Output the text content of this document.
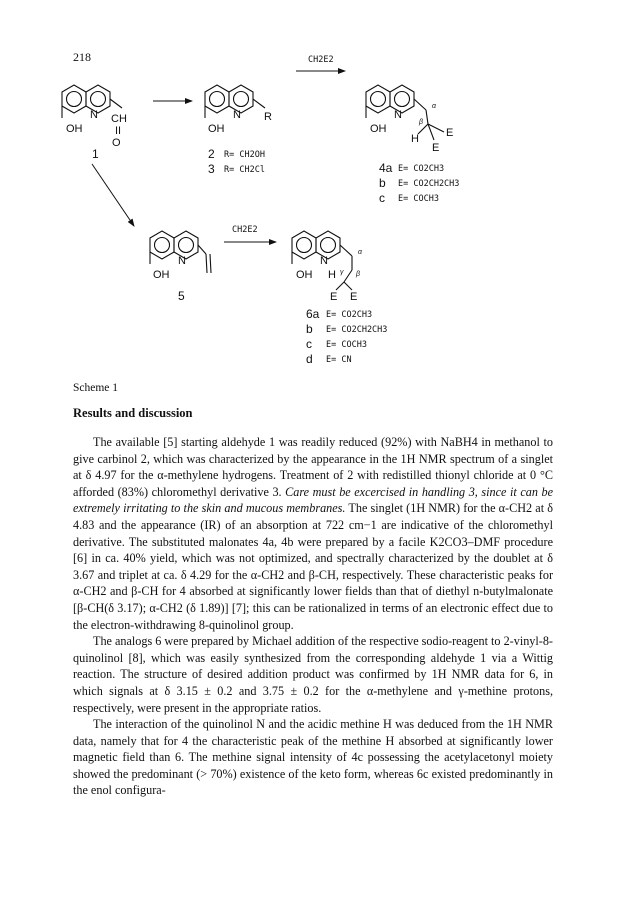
218
OH
N CH
II
O
1
OH
N R
2 R= CH2OH
3 R= CH2Cl
CH2E2
OH
N
α
β
H E
E
4a E= CO2CH3
b E= CO2CH2CH3
c E= COCH3
OH
N
5
CH2E2
OH
N
α
β
γ
H
E E
6a E= CO2CH3
b E= CO2CH2CH3
c E= COCH3
d E= CN
Scheme 1
Results and discussion

The available [5] starting aldehyde 1 was readily reduced (92%) with NaBH4 in methanol to give carbinol 2, which was characterized by the appearance in the 1H NMR spectrum of a singlet at δ 4.97 for the α-methylene hydrogens. Treatment of 2 with redistilled thionyl chloride at 0 °C afforded (83%) chloromethyl derivative 3. Care must be excercised in handling 3, since it can be extremely irritating to the skin and mucous membranes. The singlet (1H NMR) for the α-CH2 at δ 4.83 and the appearance (IR) of an absorption at 722 cm−1 are indicative of the chloromethyl derivative. The substituted malonates 4a, 4b were prepared by a facile K2CO3–DMF procedure [6] in ca. 40% yield, which was not optimized, and spectrally characterized by the doublet at δ 3.67 and triplet at ca. δ 4.29 for the α-CH2 and β-CH, respectively. These characteristic peaks for α-CH2 and β-CH for 4 absorbed at significantly lower fields than that of diethyl n-butylmalonate [β-CH(δ 3.17); α-CH2 (δ 1.89)] [7]; this can be rationalized in terms of an electronic effect due to the electron-withdrawing 8-quinolinol group.

The analogs 6 were prepared by Michael addition of the respective sodio-reagent to 2-vinyl-8-quinolinol [8], which was easily synthesized from the corresponding aldehyde 1 via a Wittig reaction. The structure of desired addition product was confirmed by 1H NMR data for 6, in which signals at δ 3.15 ± 0.2 and 3.75 ± 0.2 for the α-methylene and γ-methine protons, respectively, were present in the appropriate ratios.

The interaction of the quinolinol N and the acidic methine H was deduced from the 1H NMR data, namely that for 4 the characteristic peak of the methine H absorbed at significantly lower magnetic field than 6. The methine signal intensity of 4c possessing the acetylacetonyl moiety showed the predominant (> 70%) existence of the keto form, whereas 6c existed predominantly in the enol configura-
